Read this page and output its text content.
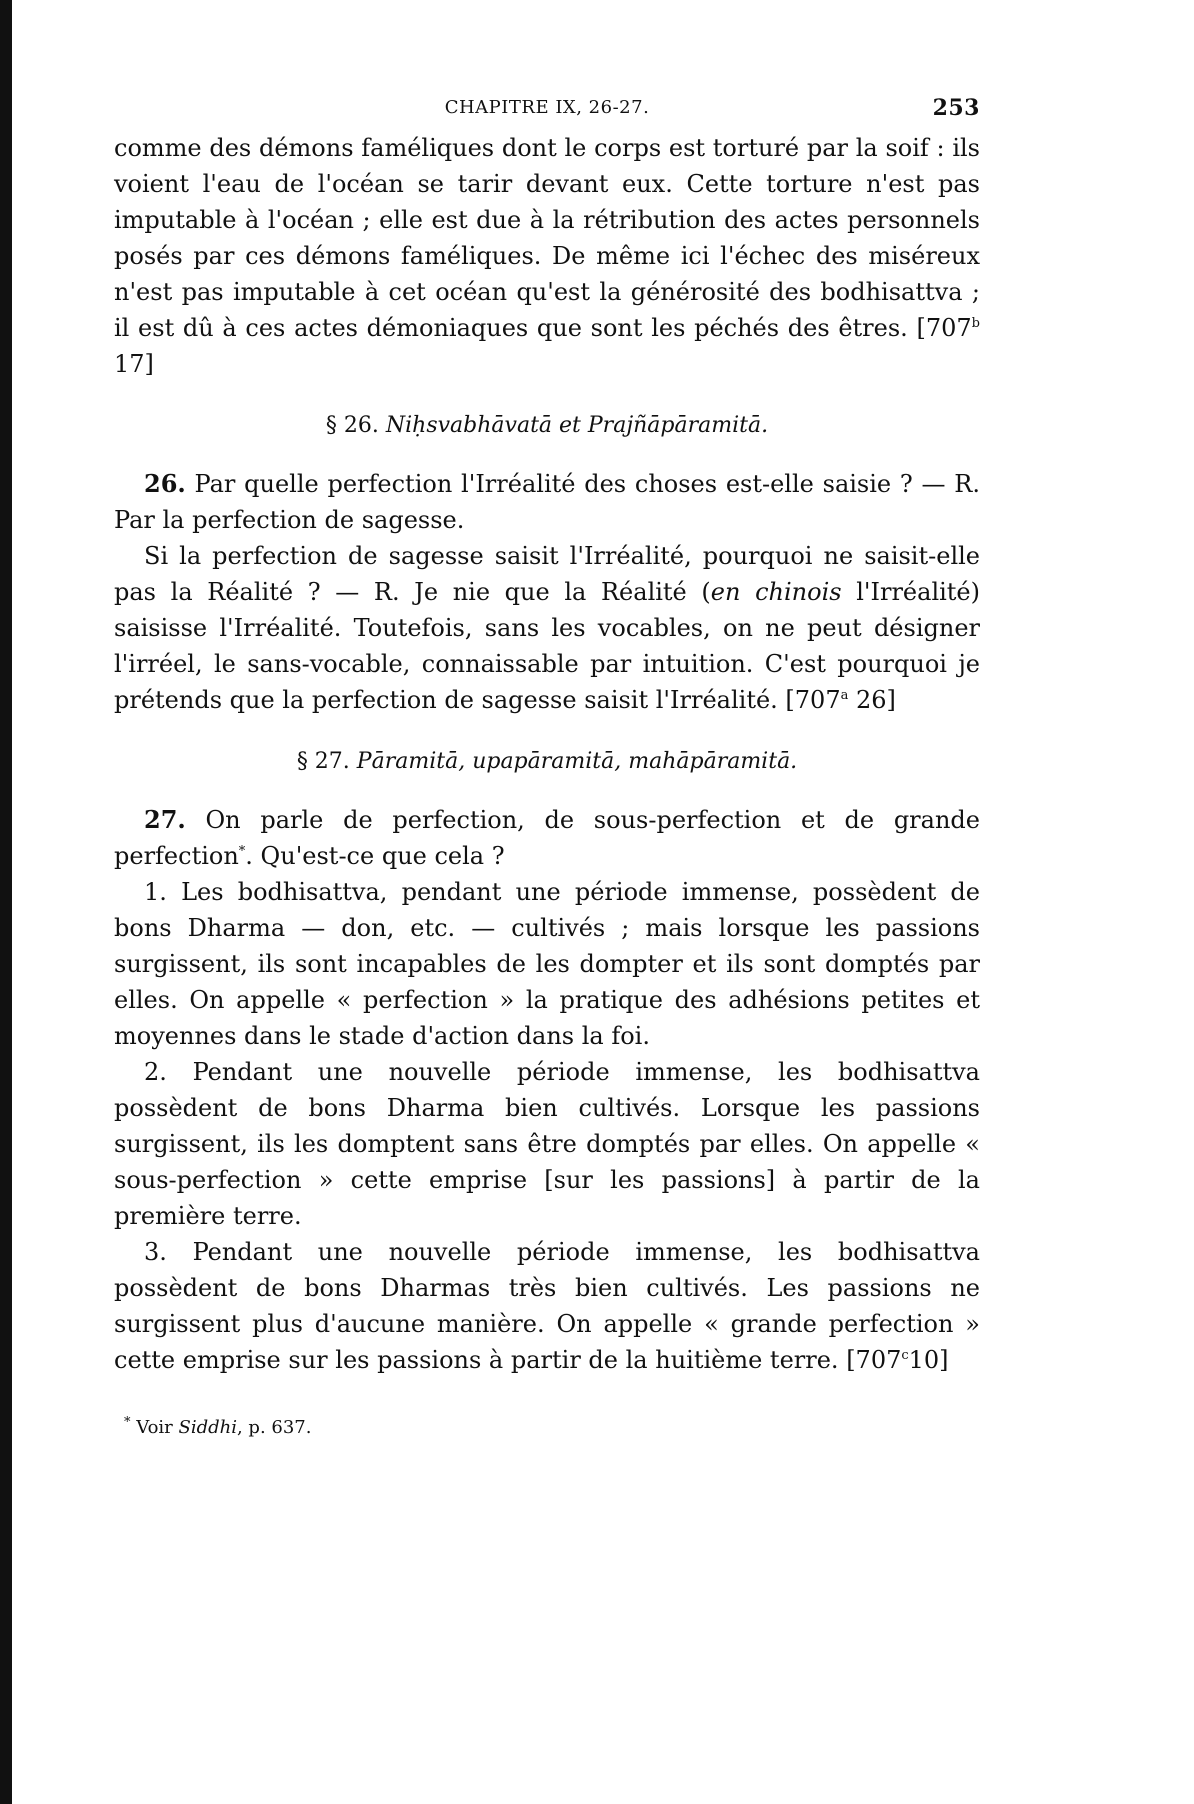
CHAPITRE IX, 26-27.	253

comme des démons faméliques dont le corps est torturé par la soif : ils voient l'eau de l'océan se tarir devant eux. Cette torture n'est pas imputable à l'océan ; elle est due à la rétribution des actes personnels posés par ces démons faméliques. De même ici l'échec des miséreux n'est pas imputable à cet océan qu'est la générosité des bodhisattva ; il est dû à ces actes démoniaques que sont les péchés des êtres. [707$^b$ 17]

§ 26. Niḥsvabhāvatā et Prajñāpāramitā.

26. Par quelle perfection l'Irréalité des choses est-elle saisie ? — R. Par la perfection de sagesse.

Si la perfection de sagesse saisit l'Irréalité, pourquoi ne saisit-elle pas la Réalité ? — R. Je nie que la Réalité (en chinois l'Irréalité) saisisse l'Irréalité. Toutefois, sans les vocables, on ne peut désigner l'irréel, le sans-vocable, connaissable par intuition. C'est pourquoi je prétends que la perfection de sagesse saisit l'Irréalité. [707$^a$ 26]

§ 27. Pāramitā, upapāramitā, mahāpāramitā.

27. On parle de perfection, de sous-perfection et de grande perfection*. Qu'est-ce que cela ?

1. Les bodhisattva, pendant une période immense, possèdent de bons Dharma — don, etc. — cultivés ; mais lorsque les passions surgissent, ils sont incapables de les dompter et ils sont domptés par elles. On appelle « perfection » la pratique des adhésions petites et moyennes dans le stade d'action dans la foi.

2. Pendant une nouvelle période immense, les bodhisattva possèdent de bons Dharma bien cultivés. Lorsque les passions surgissent, ils les domptent sans être domptés par elles. On appelle « sous-perfection » cette emprise [sur les passions] à partir de la première terre.

3. Pendant une nouvelle période immense, les bodhisattva possèdent de bons Dharmas très bien cultivés. Les passions ne surgissent plus d'aucune manière. On appelle « grande perfection » cette emprise sur les passions à partir de la huitième terre. [707$^c$10]

* Voir Siddhi, p. 637.
